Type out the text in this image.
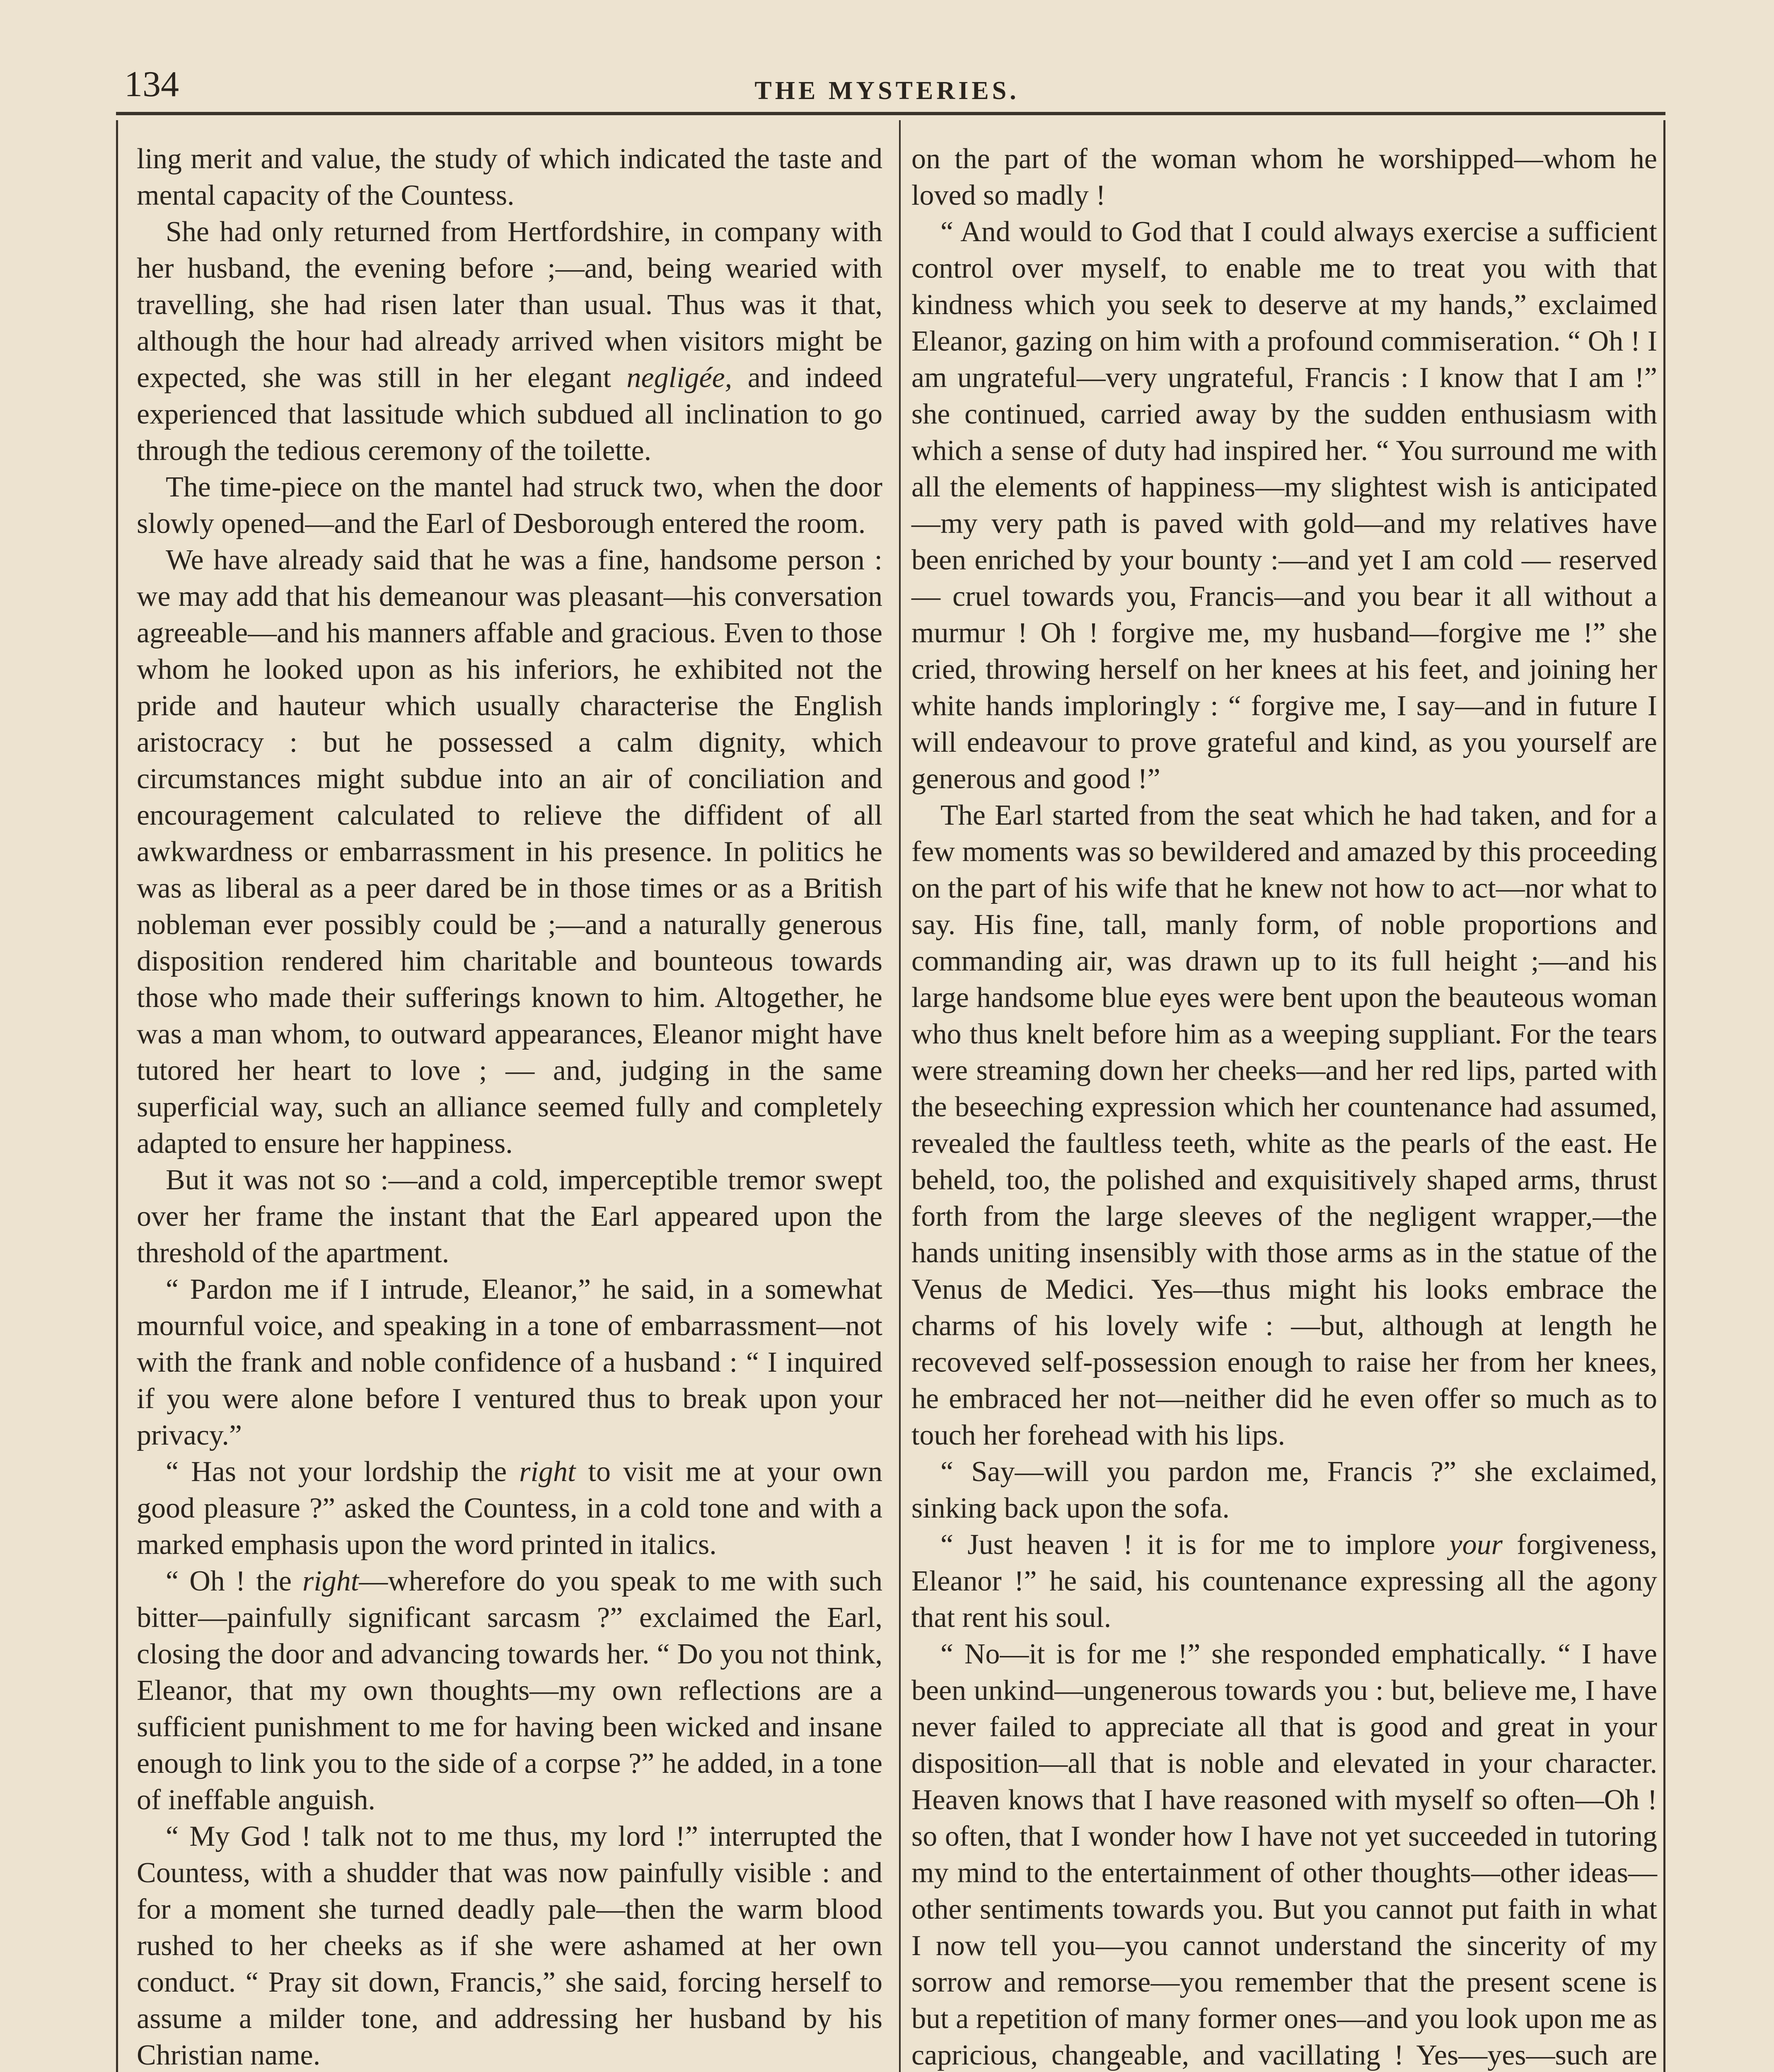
134	THE MYSTERIES.

ling merit and value, the study of which indicated the taste and mental capacity of the Countess.

She had only returned from Hertfordshire, in company with her husband, the evening before ;—and, being wearied with travelling, she had risen later than usual. Thus was it that, although the hour had already arrived when visitors might be expected, she was still in her elegant negligée, and indeed experienced that lassitude which subdued all inclination to go through the tedious ceremony of the toilette.

The time-piece on the mantel had struck two, when the door slowly opened—and the Earl of Desborough entered the room.

We have already said that he was a fine, handsome person : we may add that his demeanour was pleasant—his conversation agreeable—and his manners affable and gracious. Even to those whom he looked upon as his inferiors, he exhibited not the pride and hauteur which usually characterise the English aristocracy : but he possessed a calm dignity, which circumstances might subdue into an air of conciliation and encouragement calculated to relieve the diffident of all awkwardness or embarrassment in his presence. In politics he was as liberal as a peer dared be in those times or as a British nobleman ever possibly could be ;—and a naturally generous disposition rendered him charitable and bounteous towards those who made their sufferings known to him. Altogether, he was a man whom, to outward appearances, Eleanor might have tutored her heart to love ; — and, judging in the same superficial way, such an alliance seemed fully and completely adapted to ensure her happiness.

But it was not so :—and a cold, imperceptible tremor swept over her frame the instant that the Earl appeared upon the threshold of the apartment.

“ Pardon me if I intrude, Eleanor,” he said, in a somewhat mournful voice, and speaking in a tone of embarrassment—not with the frank and noble confidence of a husband : “ I inquired if you were alone before I ventured thus to break upon your privacy.”

“ Has not your lordship the right to visit me at your own good pleasure ?” asked the Countess, in a cold tone and with a marked emphasis upon the word printed in italics.

“ Oh ! the right—wherefore do you speak to me with such bitter—painfully significant sarcasm ?” exclaimed the Earl, closing the door and advancing towards her. “ Do you not think, Eleanor, that my own thoughts—my own reflections are a sufficient punishment to me for having been wicked and insane enough to link you to the side of a corpse ?” he added, in a tone of ineffable anguish.

“ My God ! talk not to me thus, my lord !” interrupted the Countess, with a shudder that was now painfully visible : and for a moment she turned deadly pale—then the warm blood rushed to her cheeks as if she were ashamed at her own conduct. “ Pray sit down, Francis,” she said, forcing herself to assume a milder tone, and addressing her husband by his Christian name.

on the part of the woman whom he worshipped—whom he loved so madly !

“ And would to God that I could always exercise a sufficient control over myself, to enable me to treat you with that kindness which you seek to deserve at my hands,” exclaimed Eleanor, gazing on him with a profound commiseration. “ Oh ! I am ungrateful—very ungrateful, Francis : I know that I am !” she continued, carried away by the sudden enthusiasm with which a sense of duty had inspired her. “ You surround me with all the elements of happiness—my slightest wish is anticipated—my very path is paved with gold—and my relatives have been enriched by your bounty :—and yet I am cold — reserved — cruel towards you, Francis—and you bear it all without a murmur ! Oh ! forgive me, my husband—forgive me !” she cried, throwing herself on her knees at his feet, and joining her white hands imploringly : “ forgive me, I say—and in future I will endeavour to prove grateful and kind, as you yourself are generous and good !”

The Earl started from the seat which he had taken, and for a few moments was so bewildered and amazed by this proceeding on the part of his wife that he knew not how to act—nor what to say. His fine, tall, manly form, of noble proportions and commanding air, was drawn up to its full height ;—and his large handsome blue eyes were bent upon the beauteous woman who thus knelt before him as a weeping suppliant. For the tears were streaming down her cheeks—and her red lips, parted with the beseeching expression which her countenance had assumed, revealed the faultless teeth, white as the pearls of the east. He beheld, too, the polished and exquisitively shaped arms, thrust forth from the large sleeves of the negligent wrapper,—the hands uniting insensibly with those arms as in the statue of the Venus de Medici. Yes—thus might his looks embrace the charms of his lovely wife : —but, although at length he recoveved self-possession enough to raise her from her knees, he embraced her not—neither did he even offer so much as to touch her forehead with his lips.

“ Say—will you pardon me, Francis ?” she exclaimed, sinking back upon the sofa.

“ Just heaven ! it is for me to implore your forgiveness, Eleanor !” he said, his countenance expressing all the agony that rent his soul.

“ No—it is for me !” she responded emphatically. “ I have been unkind—ungenerous towards you : but, believe me, I have never failed to appreciate all that is good and great in your disposition—all that is noble and elevated in your character. Heaven knows that I have reasoned with myself so often—Oh ! so often, that I wonder how I have not yet succeeded in tutoring my mind to the entertainment of other thoughts—other ideas—other sentiments towards you. But you cannot put faith in what I now tell you—you cannot understand the sincerity of my sorrow and remorse—you remember that the present scene is but a repetition of many former ones—and you look upon me as capricious, changeable, and vacillating ! Yes—yes—such are
